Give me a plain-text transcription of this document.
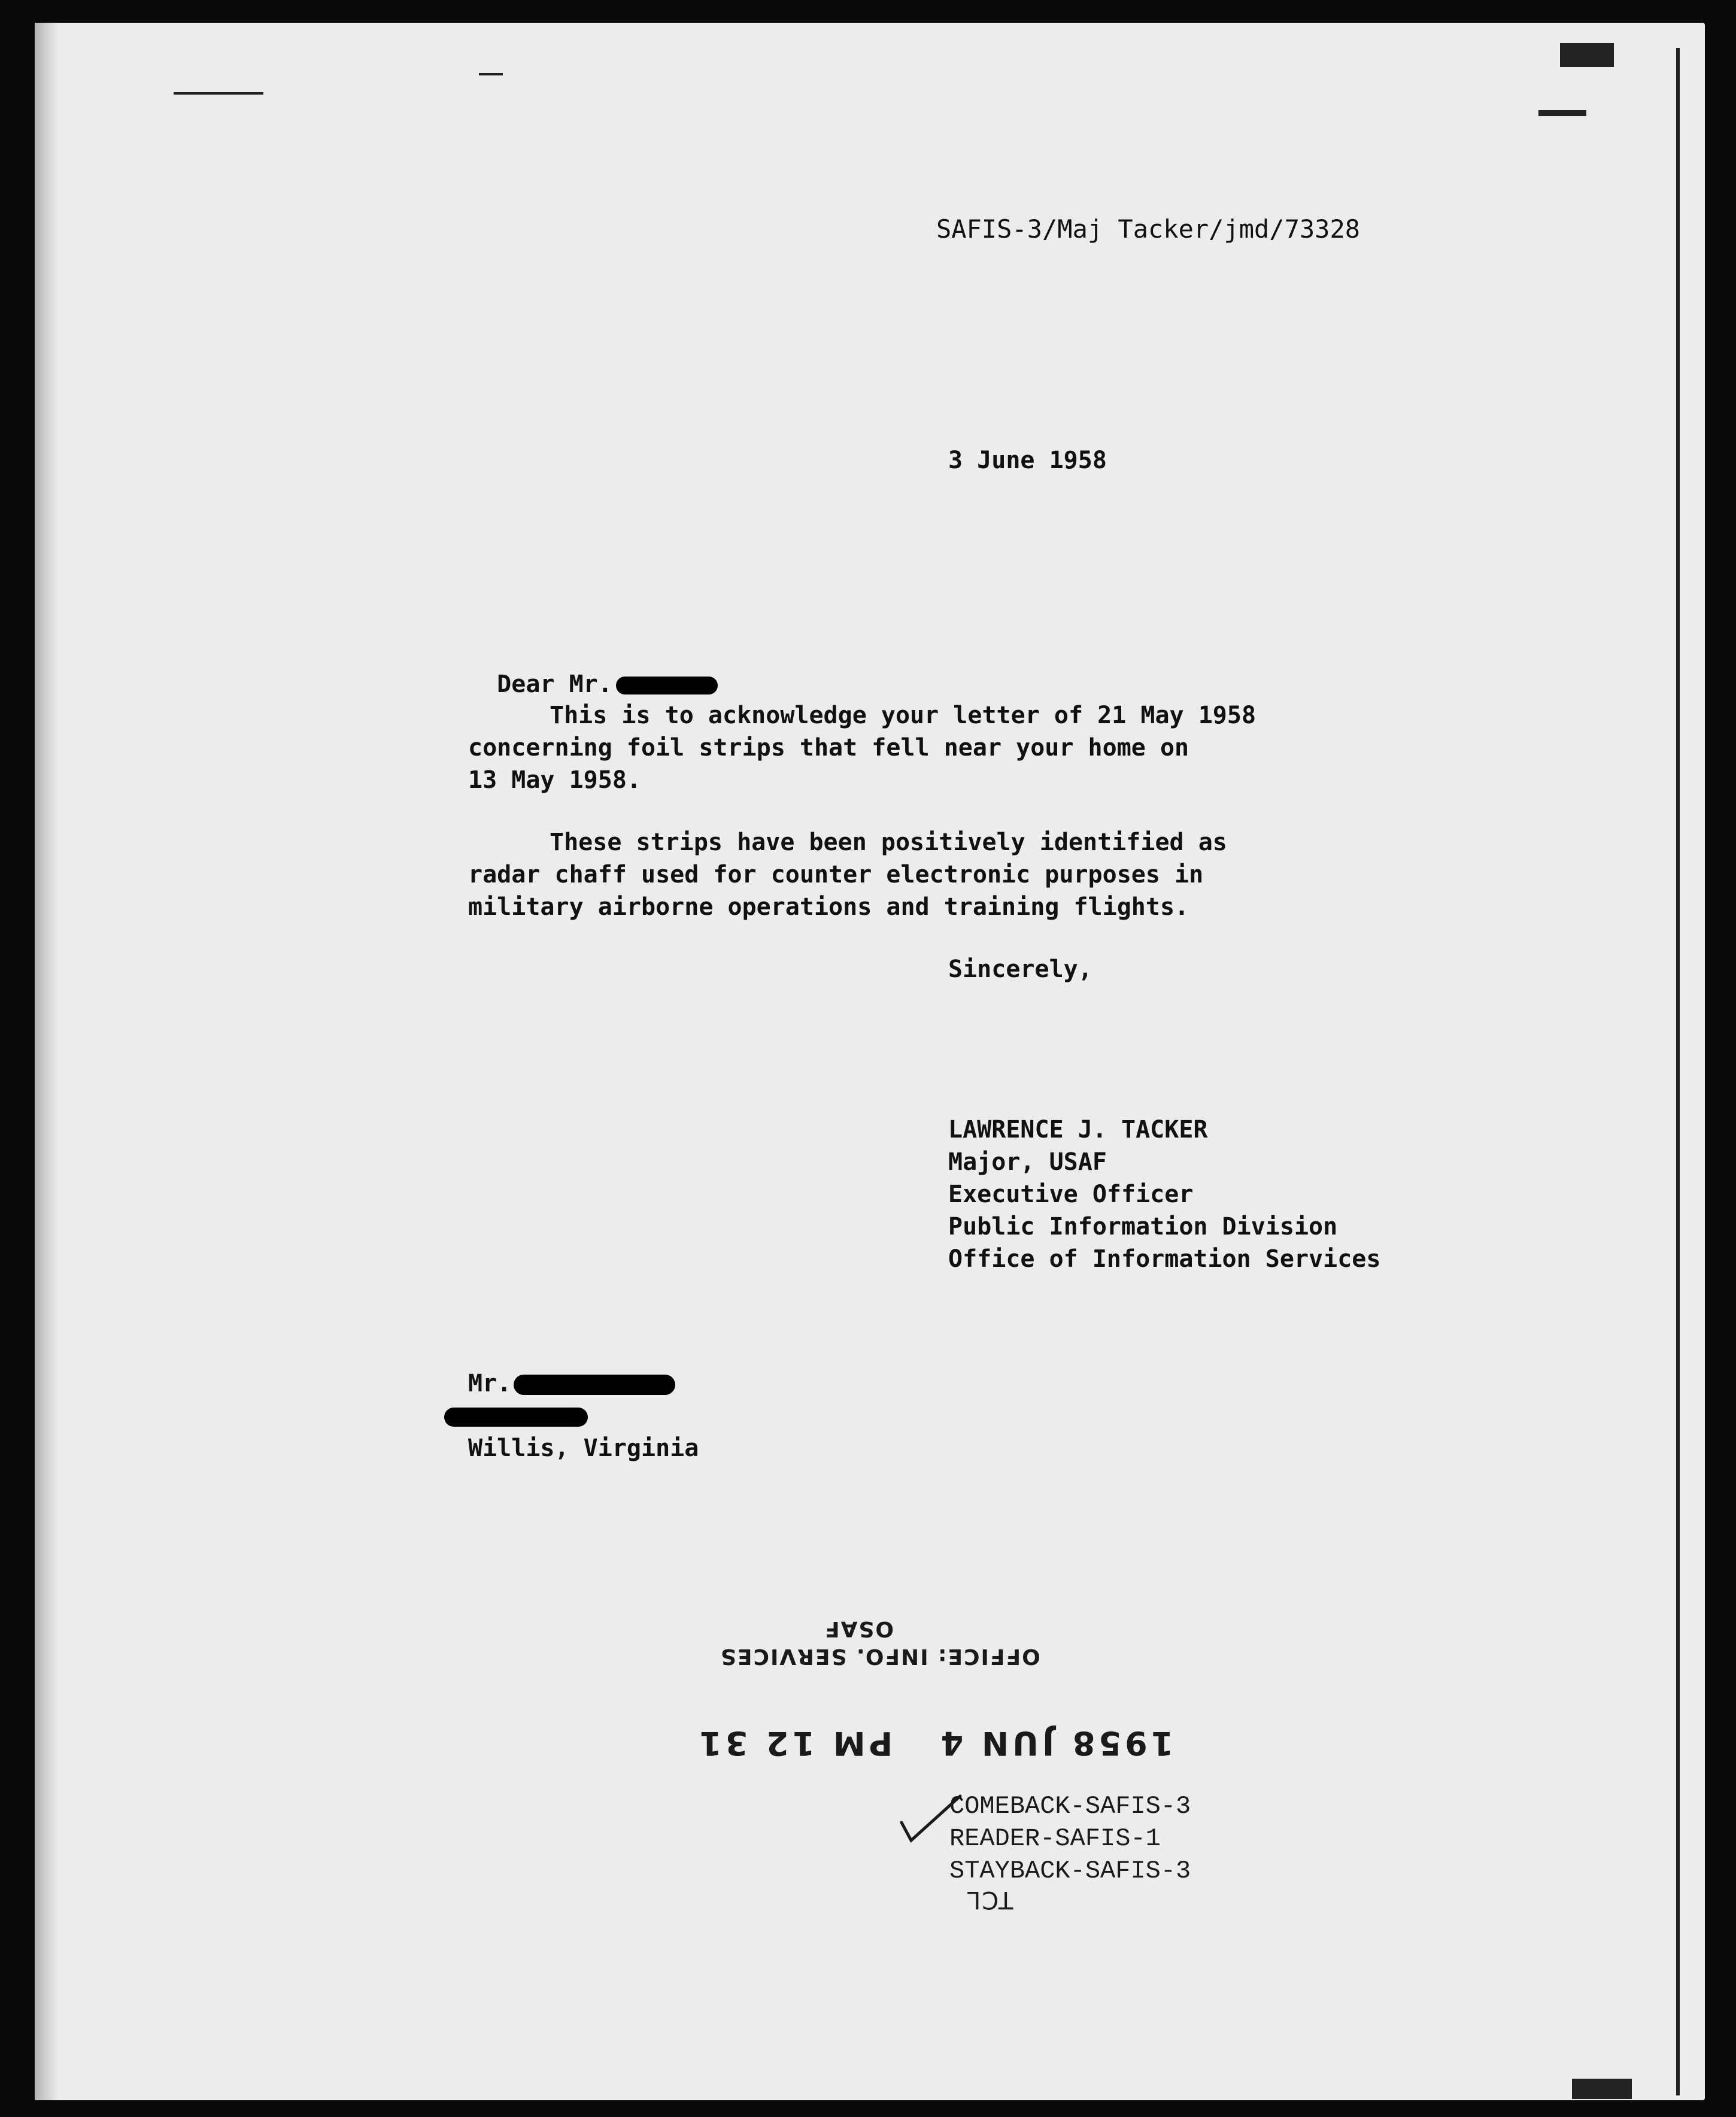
SAFIS-3/Maj Tacker/jmd/73328
3 June 1958

Dear Mr.

This is to acknowledge your letter of 21 May 1958
concerning foil strips that fell near your home on
13 May 1958.
These strips have been positively identified as
radar chaff used for counter electronic purposes in
military airborne operations and training flights.
Sincerely,
LAWRENCE J. TACKER
Major, USAF
Executive Officer
Public Information Division
Office of Information Services
Mr.
Willis, Virginia
OSAF
OFFICE: INFO. SERVICES
1958 JUN 4   PM 12 31
COMEBACK-SAFIS-3
READER-SAFIS-1
STAYBACK-SAFIS-3
TCL
